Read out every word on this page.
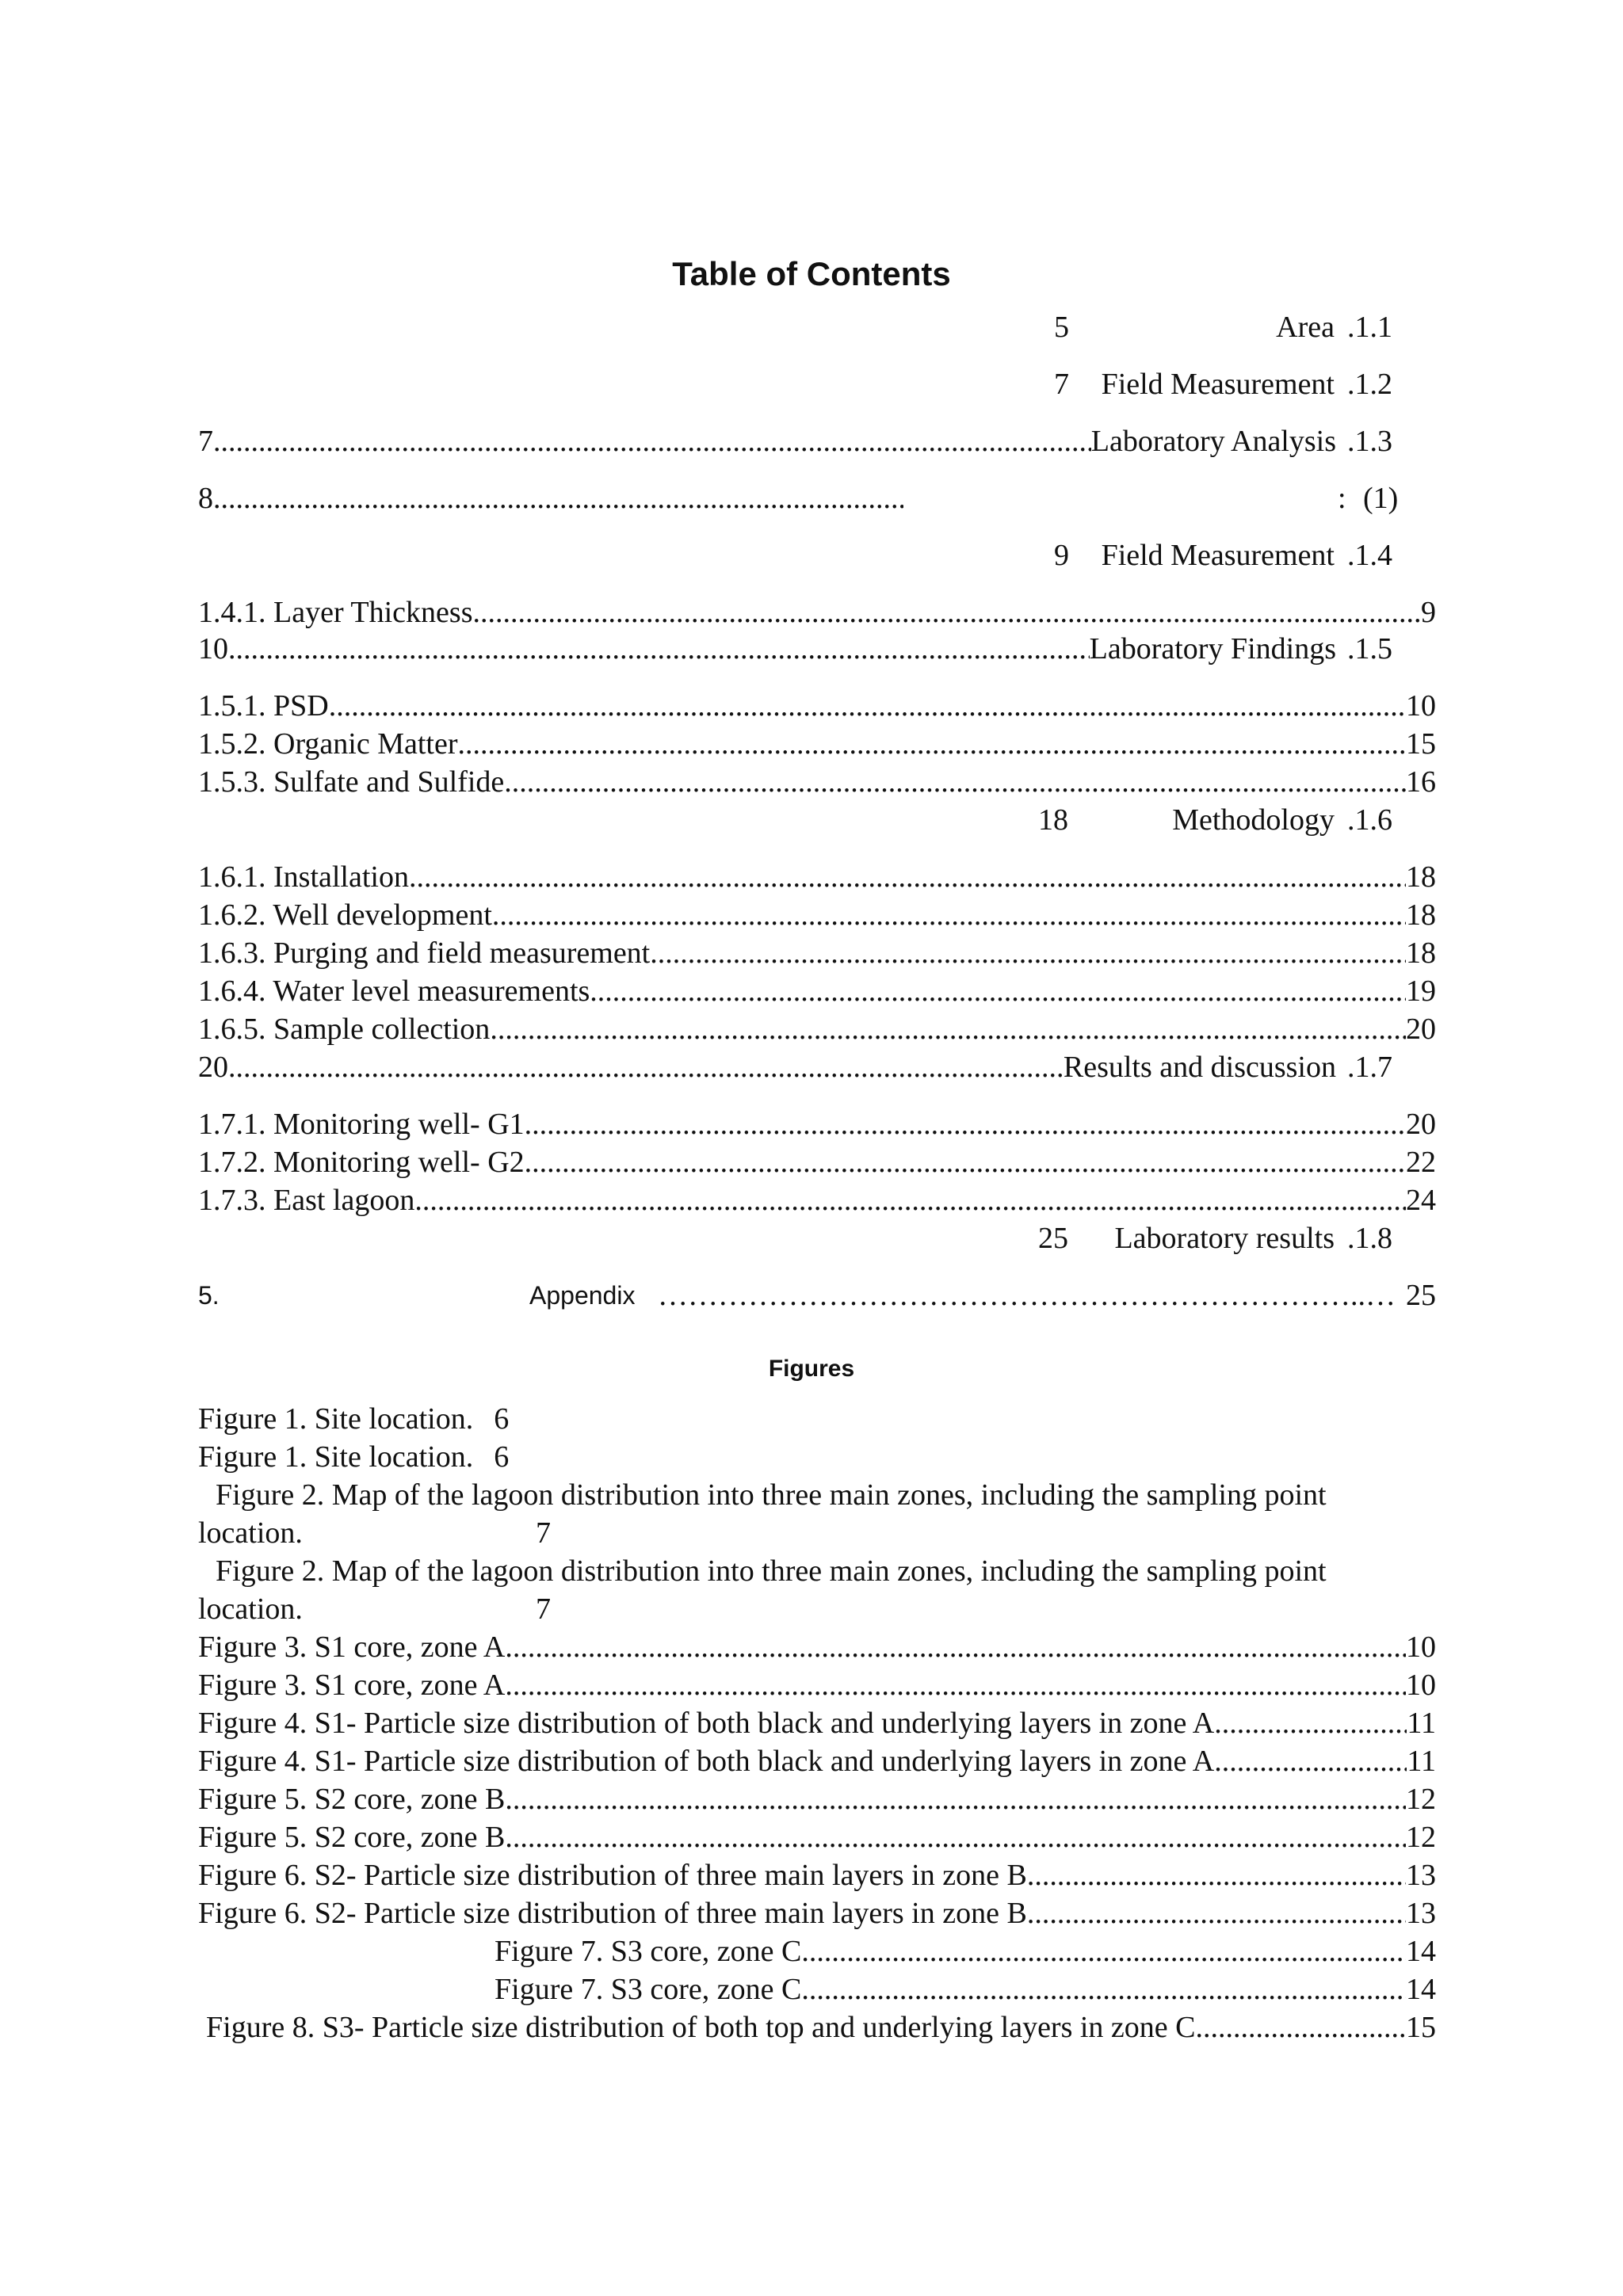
Table of Contents
5	Area .1.1
7 Field Measurement .1.2
7 .....	Laboratory Analysis .1.3
8 .....	: (1)
9 Field Measurement .1.4
1.4.1. Layer Thickness .....	9
10 .....	Laboratory Findings .1.5
1.5.1. PSD .....	10
1.5.2. Organic Matter .....	15
1.5.3. Sulfate and Sulfide .....	16
18	Methodology .1.6
1.6.1. Installation .....	18
1.6.2. Well development .....	18
1.6.3. Purging and field measurement .....	18
1.6.4. Water level measurements .....	19
1.6.5. Sample collection .....	20
20 .....	Results and discussion .1.7
1.7.1. Monitoring well- G1 .....	20
1.7.2. Monitoring well- G2 .....	22
1.7.3. East lagoon .....	24
25 Laboratory results .1.8
5.	Appendix ……………………………………………………………..… 25
Figures
Figure 1. Site location. 6
Figure 1. Site location. 6
Figure 2. Map of the lagoon distribution into three main zones, including the sampling point
location.	7
Figure 2. Map of the lagoon distribution into three main zones, including the sampling point
location.	7
Figure 3. S1 core, zone A .....	10
Figure 3. S1 core, zone A .....	10
Figure 4. S1- Particle size distribution of both black and underlying layers in zone A .....	11
Figure 4. S1- Particle size distribution of both black and underlying layers in zone A .....	11
Figure 5. S2 core, zone B .....	12
Figure 5. S2 core, zone B .....	12
Figure 6. S2- Particle size distribution of three main layers in zone B .....	13
Figure 6. S2- Particle size distribution of three main layers in zone B .....	13
Figure 7. S3 core, zone C .....	14
Figure 7. S3 core, zone C .....	14
Figure 8. S3- Particle size distribution of both top and underlying layers in zone C .....	15
